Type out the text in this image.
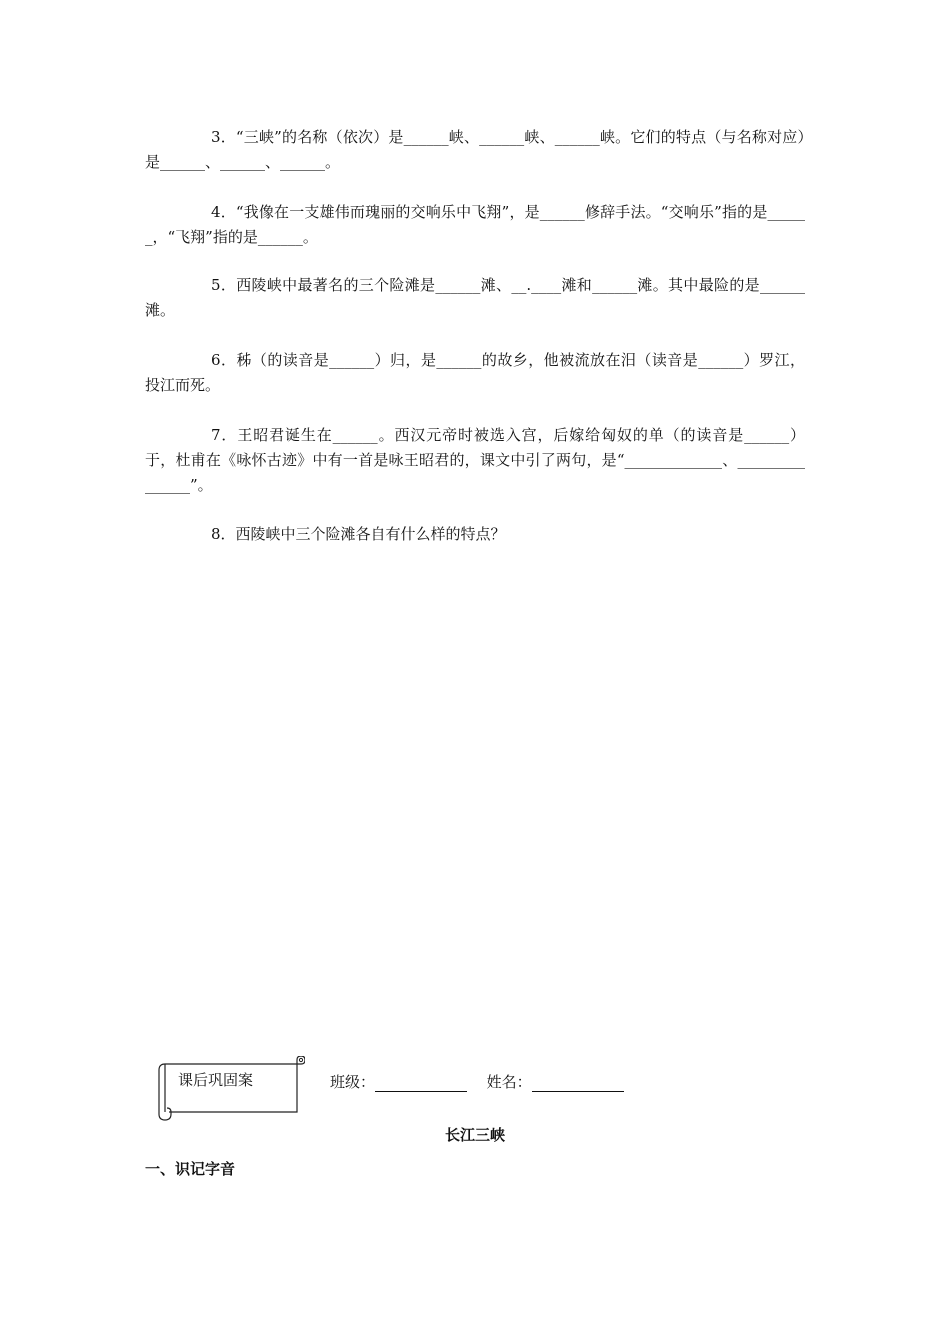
3．“三峡”的名称（依次）是______峡、______峡、______峡。它们的特点（与名称对应）是______、______、______。

4．“我像在一支雄伟而瑰丽的交响乐中飞翔”，是______修辞手法。“交响乐”指的是______，“飞翔”指的是______。

5．西陵峡中最著名的三个险滩是______滩、__.____滩和______滩。其中最险的是______滩。

6．秭（的读音是______）归，是______的故乡，他被流放在汨（读音是______）罗江，投江而死。

7．王昭君诞生在______。西汉元帝时被选入宫，后嫁给匈奴的单（的读音是______）于，杜甫在《咏怀古迹》中有一首是咏王昭君的，课文中引了两句，是“_____________、_______________”。

8．西陵峡中三个险滩各自有什么样的特点？

课后巩固案	班级：	姓名：
长江三峡
一、识记字音
